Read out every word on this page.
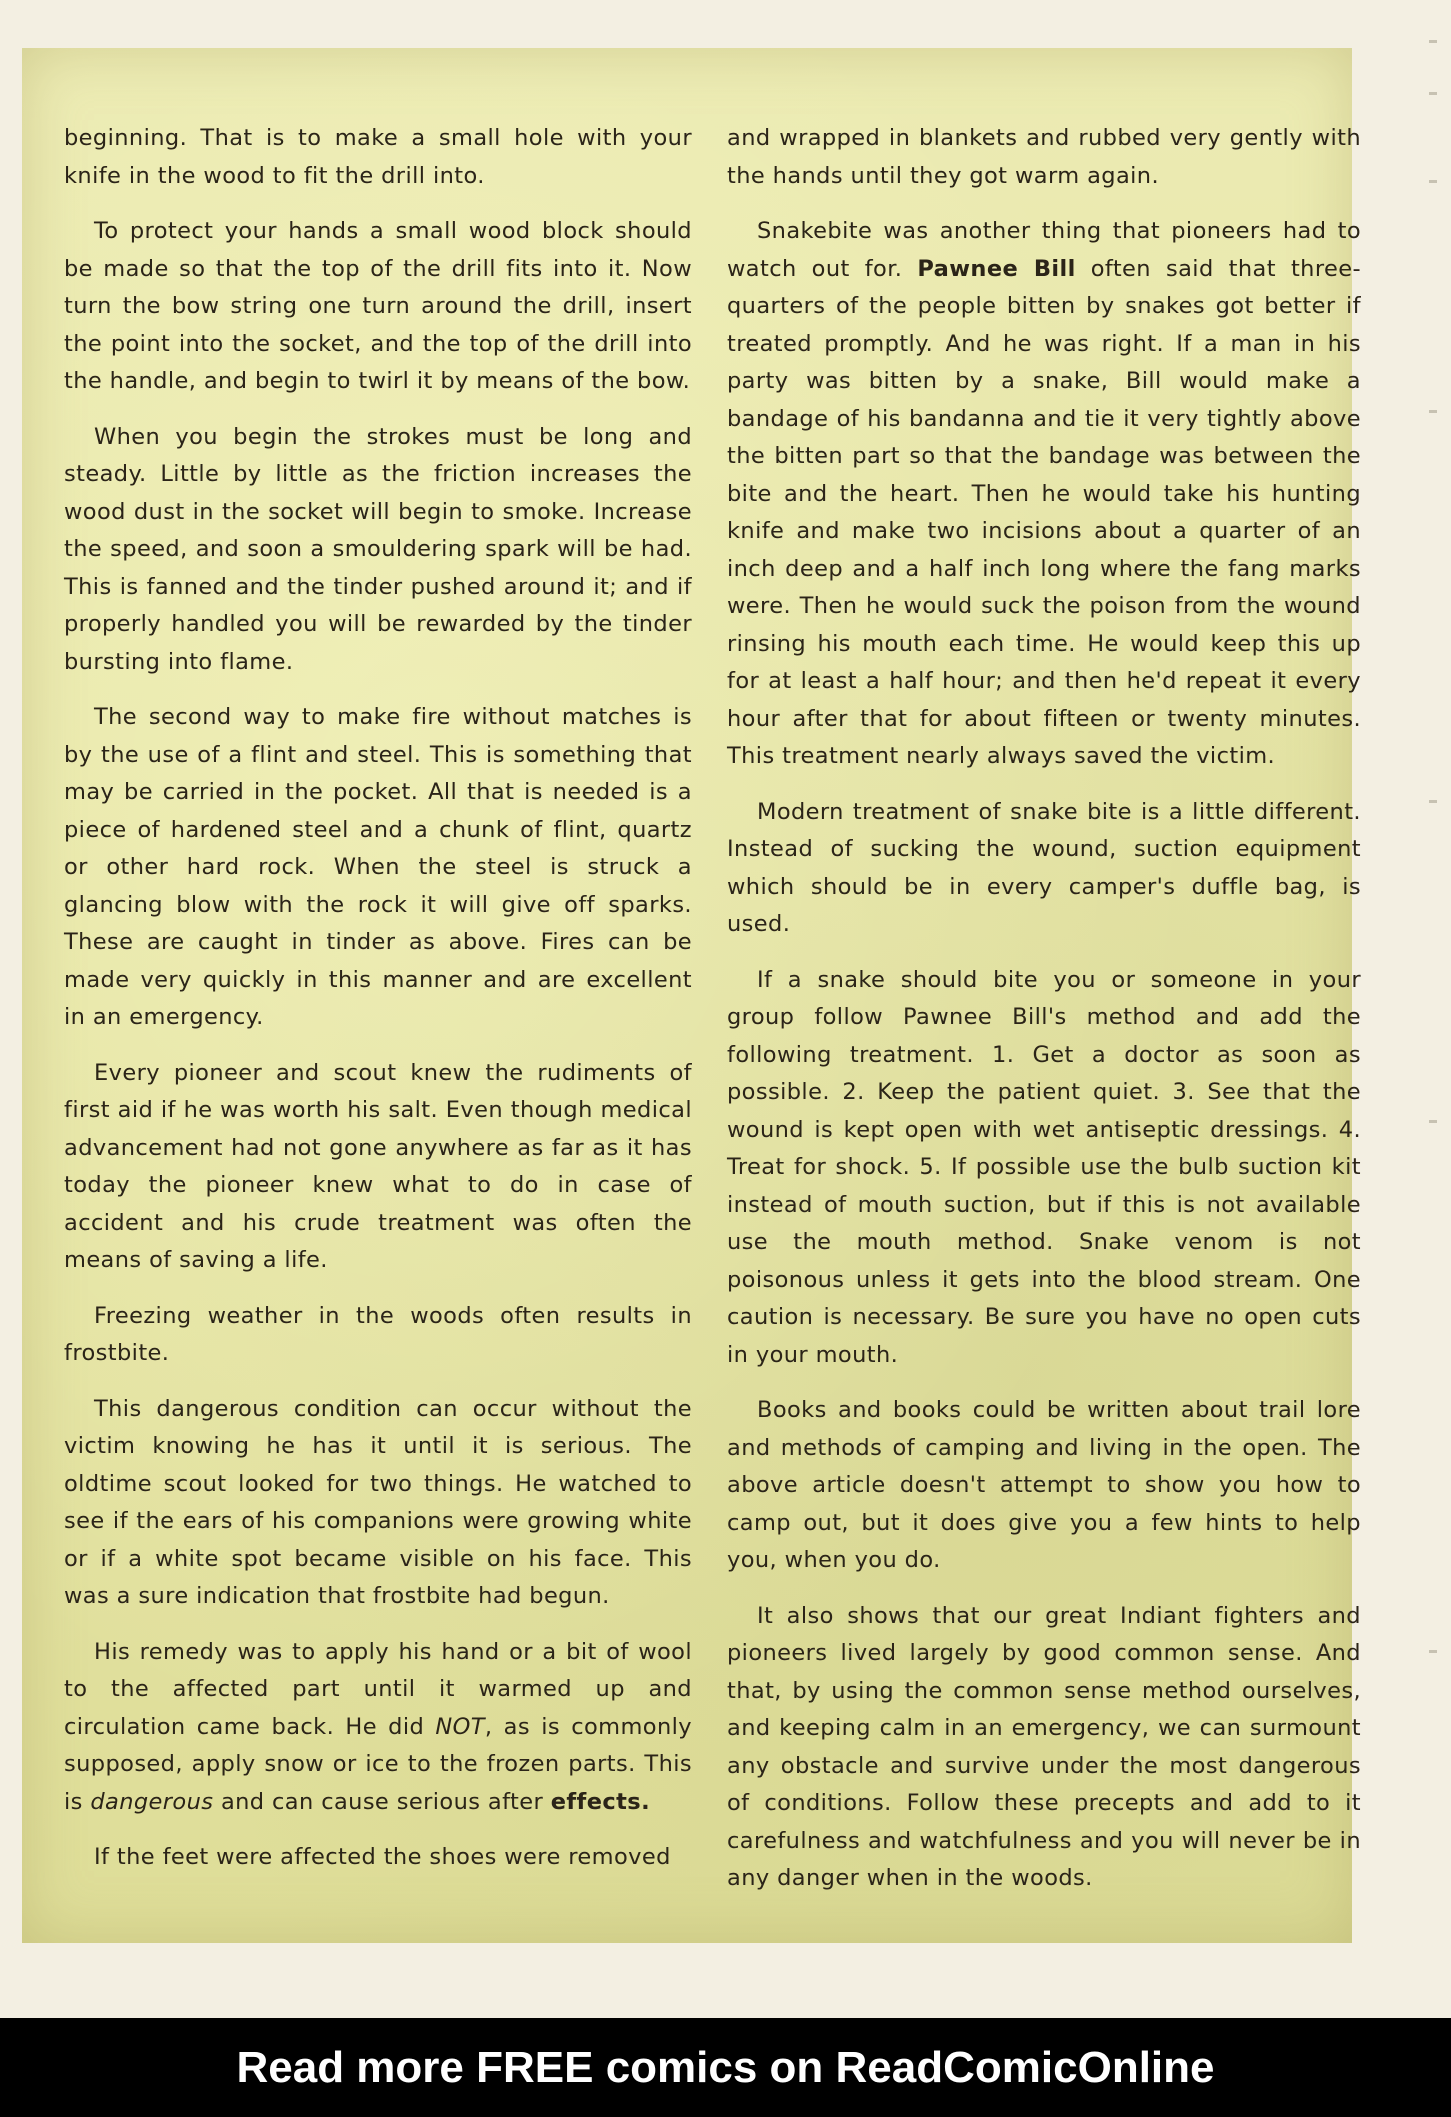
beginning. That is to make a small hole with your knife in the wood to fit the drill into.

To protect your hands a small wood block should be made so that the top of the drill fits into it. Now turn the bow string one turn around the drill, insert the point into the socket, and the top of the drill into the handle, and begin to twirl it by means of the bow.

When you begin the strokes must be long and steady. Little by little as the friction increases the wood dust in the socket will begin to smoke. Increase the speed, and soon a smouldering spark will be had. This is fanned and the tinder pushed around it; and if properly handled you will be rewarded by the tinder bursting into flame.

The second way to make fire without matches is by the use of a flint and steel. This is something that may be carried in the pocket. All that is needed is a piece of hardened steel and a chunk of flint, quartz or other hard rock. When the steel is struck a glancing blow with the rock it will give off sparks. These are caught in tinder as above. Fires can be made very quickly in this manner and are excellent in an emergency.

Every pioneer and scout knew the rudiments of first aid if he was worth his salt. Even though medical advancement had not gone anywhere as far as it has today the pioneer knew what to do in case of accident and his crude treatment was often the means of saving a life.

Freezing weather in the woods often results in frostbite.

This dangerous condition can occur without the victim knowing he has it until it is serious. The oldtime scout looked for two things. He watched to see if the ears of his companions were growing white or if a white spot became visible on his face. This was a sure indication that frostbite had begun.

His remedy was to apply his hand or a bit of wool to the affected part until it warmed up and circulation came back. He did NOT, as is commonly supposed, apply snow or ice to the frozen parts. This is dangerous and can cause serious after effects.

If the feet were affected the shoes were removed

and wrapped in blankets and rubbed very gently with the hands until they got warm again.

Snakebite was another thing that pioneers had to watch out for. Pawnee Bill often said that three-quarters of the people bitten by snakes got better if treated promptly. And he was right. If a man in his party was bitten by a snake, Bill would make a bandage of his bandanna and tie it very tightly above the bitten part so that the bandage was between the bite and the heart. Then he would take his hunting knife and make two incisions about a quarter of an inch deep and a half inch long where the fang marks were. Then he would suck the poison from the wound rinsing his mouth each time. He would keep this up for at least a half hour; and then he'd repeat it every hour after that for about fifteen or twenty minutes. This treatment nearly always saved the victim.

Modern treatment of snake bite is a little different. Instead of sucking the wound, suction equipment which should be in every camper's duffle bag, is used.

If a snake should bite you or someone in your group follow Pawnee Bill's method and add the following treatment. 1. Get a doctor as soon as possible. 2. Keep the patient quiet. 3. See that the wound is kept open with wet antiseptic dressings. 4. Treat for shock. 5. If possible use the bulb suction kit instead of mouth suction, but if this is not available use the mouth method. Snake venom is not poisonous unless it gets into the blood stream. One caution is necessary. Be sure you have no open cuts in your mouth.

Books and books could be written about trail lore and methods of camping and living in the open. The above article doesn't attempt to show you how to camp out, but it does give you a few hints to help you, when you do.

It also shows that our great Indiant fighters and pioneers lived largely by good common sense. And that, by using the common sense method ourselves, and keeping calm in an emergency, we can surmount any obstacle and survive under the most dangerous of conditions. Follow these precepts and add to it carefulness and watchfulness and you will never be in any danger when in the woods.

Read more FREE comics on ReadComicOnline
